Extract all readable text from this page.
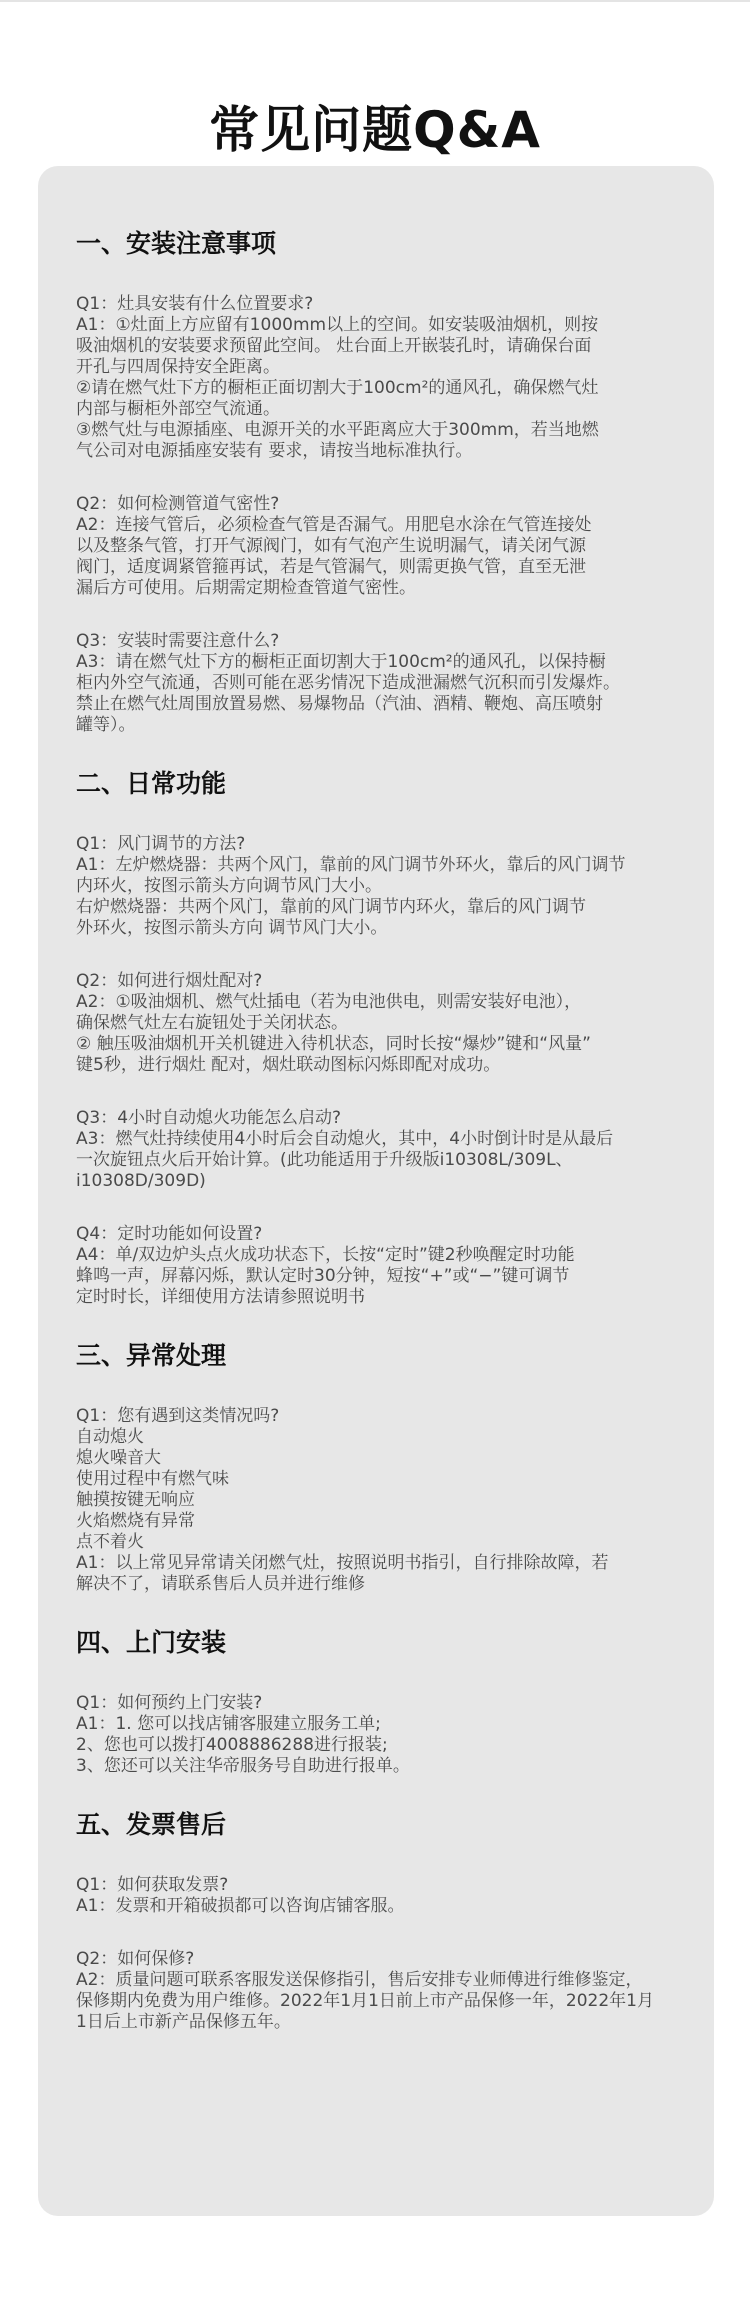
常见问题Q&A
一、安装注意事项

Q1：灶具安装有什么位置要求?

A1：①灶面上方应留有1000mm以上的空间。如安装吸油烟机，则按

吸油烟机的安装要求预留此空间。 灶台面上开嵌装孔时，请确保台面

开孔与四周保持安全距离。

②请在燃气灶下方的橱柜正面切割大于100cm²的通风孔，确保燃气灶

内部与橱柜外部空气流通。

③燃气灶与电源插座、电源开关的水平距离应大于300mm，若当地燃

气公司对电源插座安装有 要求，请按当地标准执行。

Q2：如何检测管道气密性?

A2：连接气管后，必须检查气管是否漏气。用肥皂水涂在气管连接处

以及整条气管，打开气源阀门，如有气泡产生说明漏气，请关闭气源

阀门，适度调紧管箍再试，若是气管漏气，则需更换气管，直至无泄

漏后方可使用。后期需定期检查管道气密性。

Q3：安装时需要注意什么?

A3：请在燃气灶下方的橱柜正面切割大于100cm²的通风孔，以保持橱

柜内外空气流通，否则可能在恶劣情况下造成泄漏燃气沉积而引发爆炸。

禁止在燃气灶周围放置易燃、易爆物品（汽油、酒精、鞭炮、高压喷射

罐等）。

二、日常功能

Q1：风门调节的方法?

A1：左炉燃烧器：共两个风门，靠前的风门调节外环火，靠后的风门调节

内环火，按图示箭头方向调节风门大小。

右炉燃烧器：共两个风门，靠前的风门调节内环火，靠后的风门调节

外环火，按图示箭头方向 调节风门大小。

Q2：如何进行烟灶配对?

A2：①吸油烟机、燃气灶插电（若为电池供电，则需安装好电池），

确保燃气灶左右旋钮处于关闭状态。

② 触压吸油烟机开关机键进入待机状态，同时长按“爆炒”键和“风量”

键5秒，进行烟灶 配对，烟灶联动图标闪烁即配对成功。

Q3：4小时自动熄火功能怎么启动?

A3：燃气灶持续使用4小时后会自动熄火，其中，4小时倒计时是从最后

一次旋钮点火后开始计算。(此功能适用于升级版i10308L/309L、

i10308D/309D)

Q4：定时功能如何设置?

A4：单/双边炉头点火成功状态下，长按“定时”键2秒唤醒定时功能

蜂鸣一声，屏幕闪烁，默认定时30分钟，短按“+”或“−”键可调节

定时时长，详细使用方法请参照说明书

三、异常处理

Q1：您有遇到这类情况吗?

自动熄火

熄火噪音大

使用过程中有燃气味

触摸按键无响应

火焰燃烧有异常

点不着火

A1：以上常见异常请关闭燃气灶，按照说明书指引，自行排除故障，若

解决不了，请联系售后人员并进行维修

四、上门安装

Q1：如何预约上门安装?

A1：1. 您可以找店铺客服建立服务工单;

2、您也可以拨打4008886288进行报装;

3、您还可以关注华帝服务号自助进行报单。

五、发票售后

Q1：如何获取发票?

A1：发票和开箱破损都可以咨询店铺客服。

Q2：如何保修?

A2：质量问题可联系客服发送保修指引，售后安排专业师傅进行维修鉴定，

保修期内免费为用户维修。2022年1月1日前上市产品保修一年，2022年1月

1日后上市新产品保修五年。
